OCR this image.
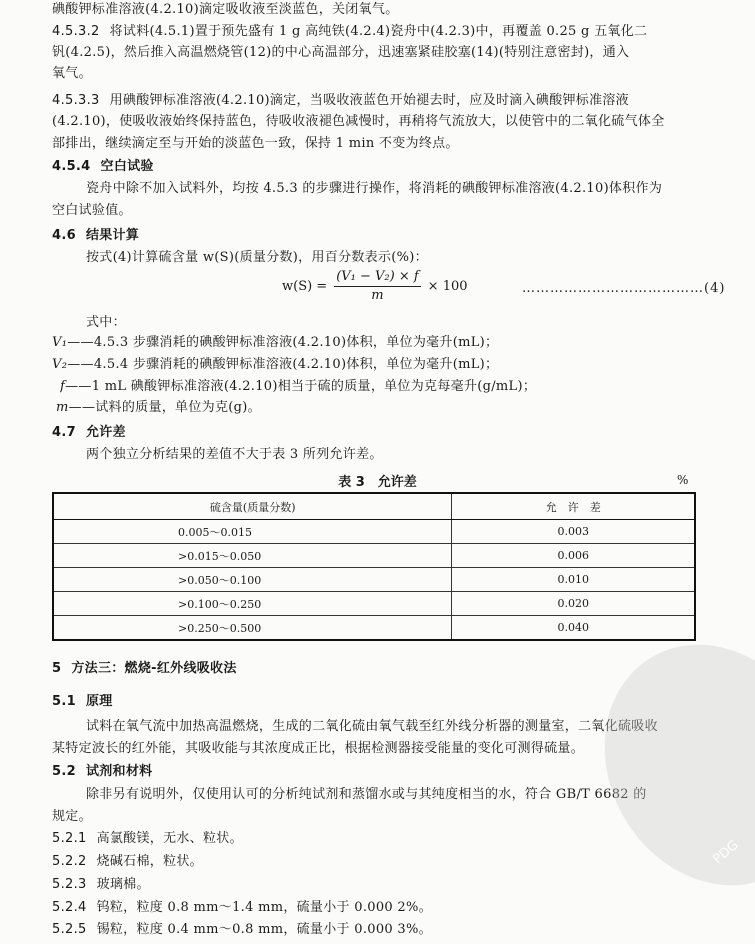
碘酸钾标准溶液(4.2.10)滴定吸收液至淡蓝色，关闭氧气。
4.5.3.2 将试料(4.5.1)置于预先盛有 1 g 高纯铁(4.2.4)瓷舟中(4.2.3)中，再覆盖 0.25 g 五氧化二
钒(4.2.5)，然后推入高温燃烧管(12)的中心高温部分，迅速塞紧硅胶塞(14)(特别注意密封)，通入
氧气。
4.5.3.3 用碘酸钾标准溶液(4.2.10)滴定，当吸收液蓝色开始褪去时，应及时滴入碘酸钾标准溶液
(4.2.10)，使吸收液始终保持蓝色，待吸收液褪色减慢时，再稍将气流放大，以使管中的二氧化硫气体全
部排出，继续滴定至与开始的淡蓝色一致，保持 1 min 不变为终点。
4.5.4 空白试验
瓷舟中除不加入试料外，均按 4.5.3 的步骤进行操作，将消耗的碘酸钾标准溶液(4.2.10)体积作为
空白试验值。
4.6 结果计算
按式(4)计算硫含量 w(S)(质量分数)，用百分数表示(%)：
$w(S) = \frac{\text{(V₁ − V₂) × f}}{m} \times 100$	…………………………………(4)
式中：
V₁——4.5.3 步骤消耗的碘酸钾标准溶液(4.2.10)体积，单位为毫升(mL)；
V₂——4.5.4 步骤消耗的碘酸钾标准溶液(4.2.10)体积，单位为毫升(mL)；
f——1 mL 碘酸钾标准溶液(4.2.10)相当于硫的质量，单位为克每毫升(g/mL)；
m——试料的质量，单位为克(g)。
4.7 允许差
两个独立分析结果的差值不大于表 3 所列允许差。
表 3　允许差	%
硫含量(质量分数)	允　许　差
0.005～0.015	0.003
>0.015～0.050	0.006
>0.050～0.100	0.010
>0.100～0.250	0.020
>0.250～0.500	0.040
5 方法三：燃烧-红外线吸收法
5.1 原理
试料在氧气流中加热高温燃烧，生成的二氧化硫由氧气载至红外线分析器的测量室，二氧化硫吸收
某特定波长的红外能，其吸收能与其浓度成正比，根据检测器接受能量的变化可测得硫量。
5.2 试剂和材料
除非另有说明外，仅使用认可的分析纯试剂和蒸馏水或与其纯度相当的水，符合 GB/T 6682 的
规定。
5.2.1 高氯酸镁，无水、粒状。
5.2.2 烧碱石棉，粒状。
5.2.3 玻璃棉。
5.2.4 钨粒，粒度 0.8 mm～1.4 mm，硫量小于 0.000 2%。
5.2.5 锡粒，粒度 0.4 mm～0.8 mm，硫量小于 0.000 3%。
PDG
